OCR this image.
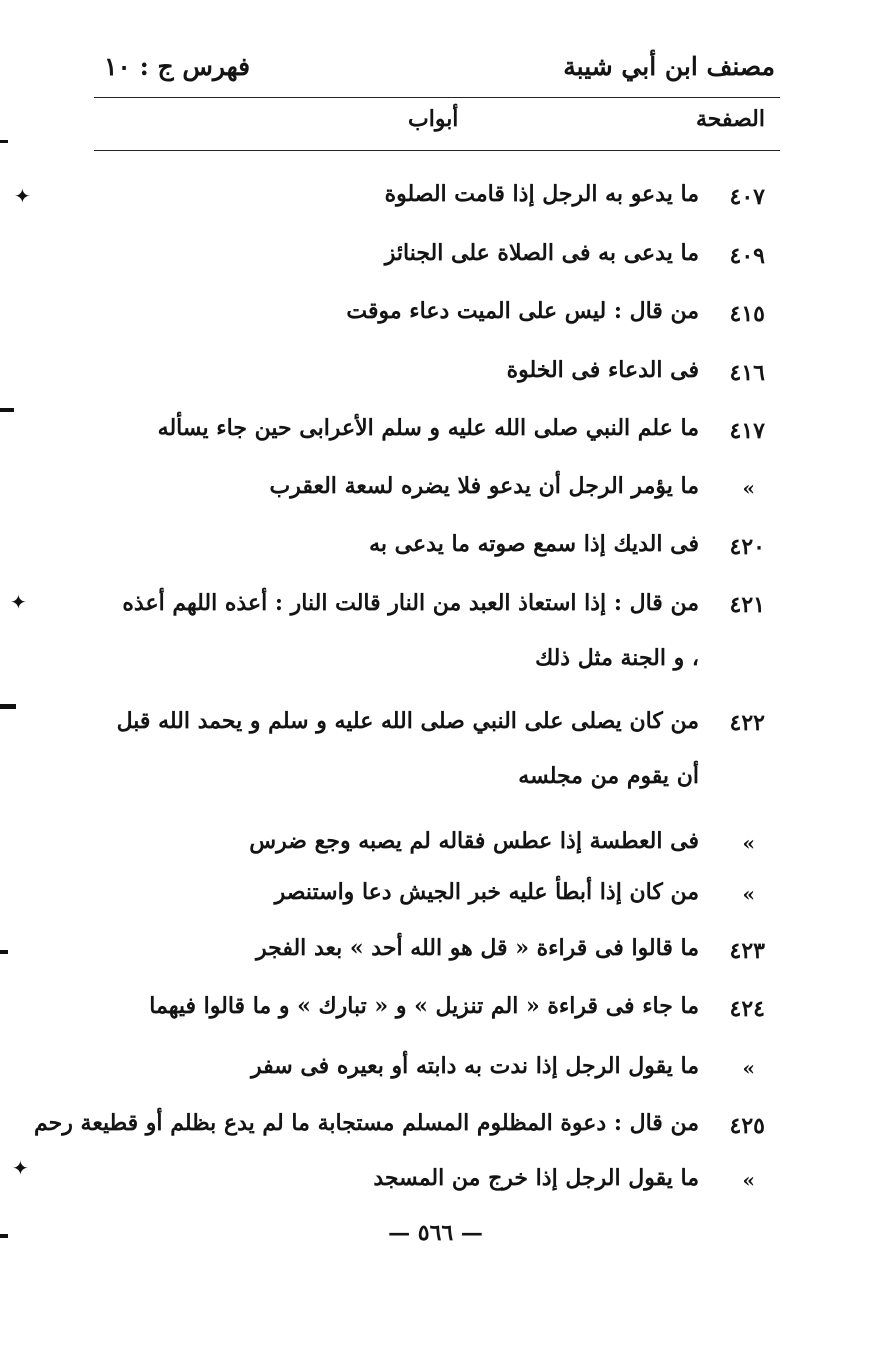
مصنف ابن أبي شيبة
فهرس ج : ١٠
الصفحة
أبواب
٤٠٧
ما يدعو به الرجل إذا قامت الصلوة
٤٠٩
ما يدعى به فى الصلاة على الجنائز
٤١٥
من قال : ليس على الميت دعاء موقت
٤١٦
فى الدعاء فى الخلوة
٤١٧
ما علم النبي صلى الله عليه و سلم الأعرابى حين جاء يسأله
«
ما يؤمر الرجل أن يدعو فلا يضره لسعة العقرب
٤٢٠
فى الديك إذا سمع صوته ما يدعى به
٤٢١
من قال : إذا استعاذ العبد من النار قالت النار : أعذه اللهم أعذه ، و الجنة مثل ذلك
٤٢٢
من كان يصلى على النبي صلى الله عليه و سلم و يحمد الله قبل أن يقوم من مجلسه
«
فى العطسة إذا عطس فقاله لم يصبه وجع ضرس
«
من كان إذا أبطأ عليه خبر الجيش دعا واستنصر
٤٢٣
ما قالوا فى قراءة « قل هو الله أحد » بعد الفجر
٤٢٤
ما جاء فى قراءة « الم تنزيل » و « تبارك » و ما قالوا فيهما
«
ما يقول الرجل إذا ندت به دابته أو بعيره فى سفر
٤٢٥
من قال : دعوة المظلوم المسلم مستجابة ما لم يدع بظلم أو قطيعة رحم
«
ما يقول الرجل إذا خرج من المسجد
— ٥٦٦ —
✦
✦
✦
